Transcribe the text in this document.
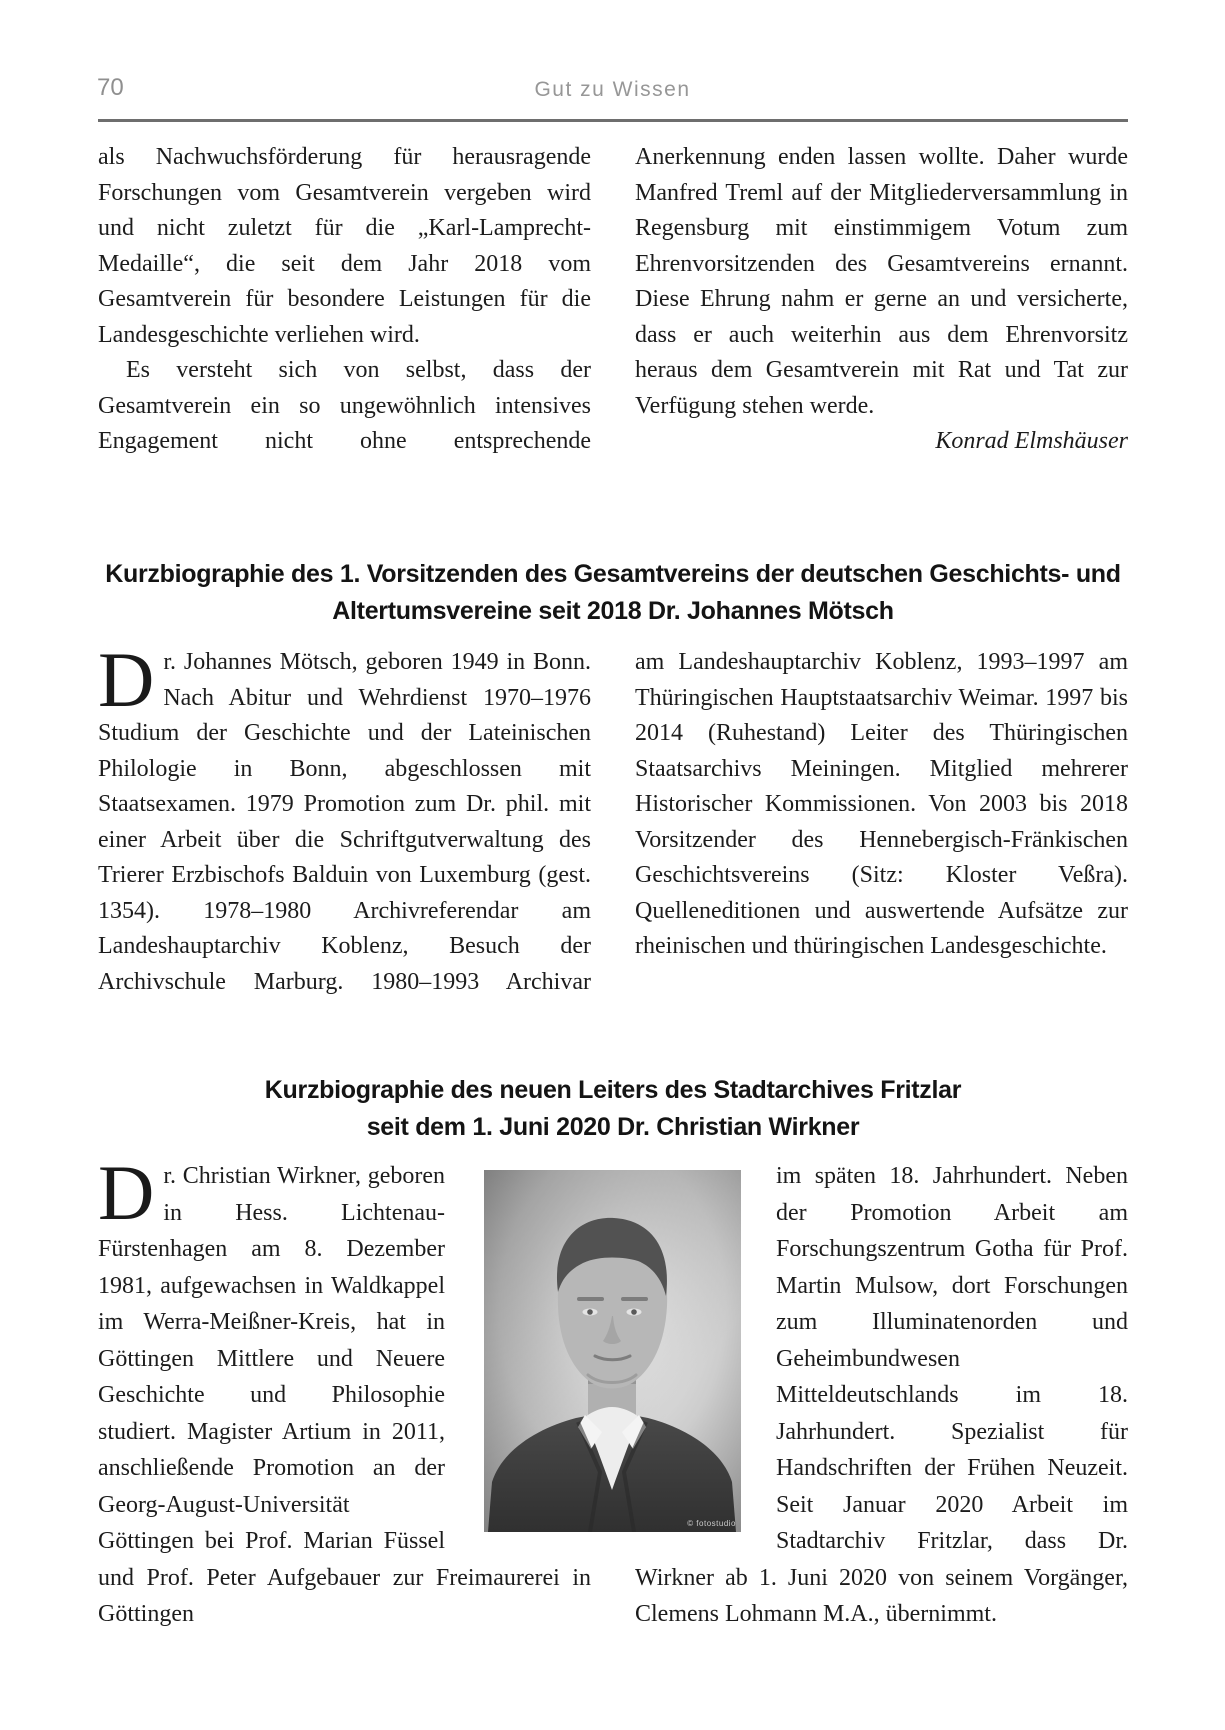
70	Gut zu Wissen

als Nachwuchsförderung für herausragende Forschungen vom Gesamtverein vergeben wird und nicht zuletzt für die „Karl-Lamprecht-Medaille“, die seit dem Jahr 2018 vom Gesamtverein für besondere Leistungen für die Landesgeschichte verliehen wird.

Es versteht sich von selbst, dass der Gesamtverein ein so ungewöhnlich intensives Engagement nicht ohne entsprechende

Anerkennung enden lassen wollte. Daher wurde Manfred Treml auf der Mitgliederversammlung in Regensburg mit einstimmigem Votum zum Ehrenvorsitzenden des Gesamtvereins ernannt. Diese Ehrung nahm er gerne an und versicherte, dass er auch weiterhin aus dem Ehrenvorsitz heraus dem Gesamtverein mit Rat und Tat zur Verfügung stehen werde.

Konrad Elmshäuser

Kurzbiographie des 1. Vorsitzenden des Gesamtvereins der deutschen Geschichts- und
Altertumsvereine seit 2018 Dr. Johannes Mötsch

Dr. Johannes Mötsch, geboren 1949 in Bonn. Nach Abitur und Wehrdienst 1970–1976 Studium der Geschichte und der Lateinischen Philologie in Bonn, abgeschlossen mit Staatsexamen. 1979 Promotion zum Dr. phil. mit einer Arbeit über die Schriftgutverwaltung des Trierer Erzbischofs Balduin von Luxemburg (gest. 1354). 1978–1980 Archivreferendar am Landeshauptarchiv Koblenz, Besuch der Archivschule Marburg. 1980–1993 Archivar

am Landeshauptarchiv Koblenz, 1993–1997 am Thüringischen Hauptstaatsarchiv Weimar. 1997 bis 2014 (Ruhestand) Leiter des Thüringischen Staatsarchivs Meiningen. Mitglied mehrerer Historischer Kommissionen. Von 2003 bis 2018 Vorsitzender des Hennebergisch-Fränkischen Geschichtsvereins (Sitz: Kloster Veßra). Quelleneditionen und auswertende Aufsätze zur rheinischen und thüringischen Landesgeschichte.

Kurzbiographie des neuen Leiters des Stadtarchives Fritzlar
seit dem 1. Juni 2020 Dr. Christian Wirkner

Dr. Christian Wirkner, geboren in Hess. Lichtenau-Fürstenhagen am 8. Dezember 1981, aufgewachsen in Waldkappel im Werra-Meißner-Kreis, hat in Göttingen Mittlere und Neuere Geschichte und Philosophie studiert. Magister Artium in 2011, anschließende Promotion an der Georg-August-Universität Göttingen bei Prof. Marian Füssel und Prof. Peter Aufgebauer zur Freimaurerei in Göttingen

im späten 18. Jahrhundert. Neben der Promotion Arbeit am Forschungszentrum Gotha für Prof. Martin Mulsow, dort Forschungen zum Illuminatenorden und Geheimbundwesen Mitteldeutschlands im 18. Jahrhundert. Spezialist für Handschriften der Frühen Neuzeit. Seit Januar 2020 Arbeit im Stadtarchiv Fritzlar, dass Dr. Wirkner ab 1. Juni 2020 von seinem Vorgänger, Clemens Lohmann M.A., übernimmt.

© fotostudio
